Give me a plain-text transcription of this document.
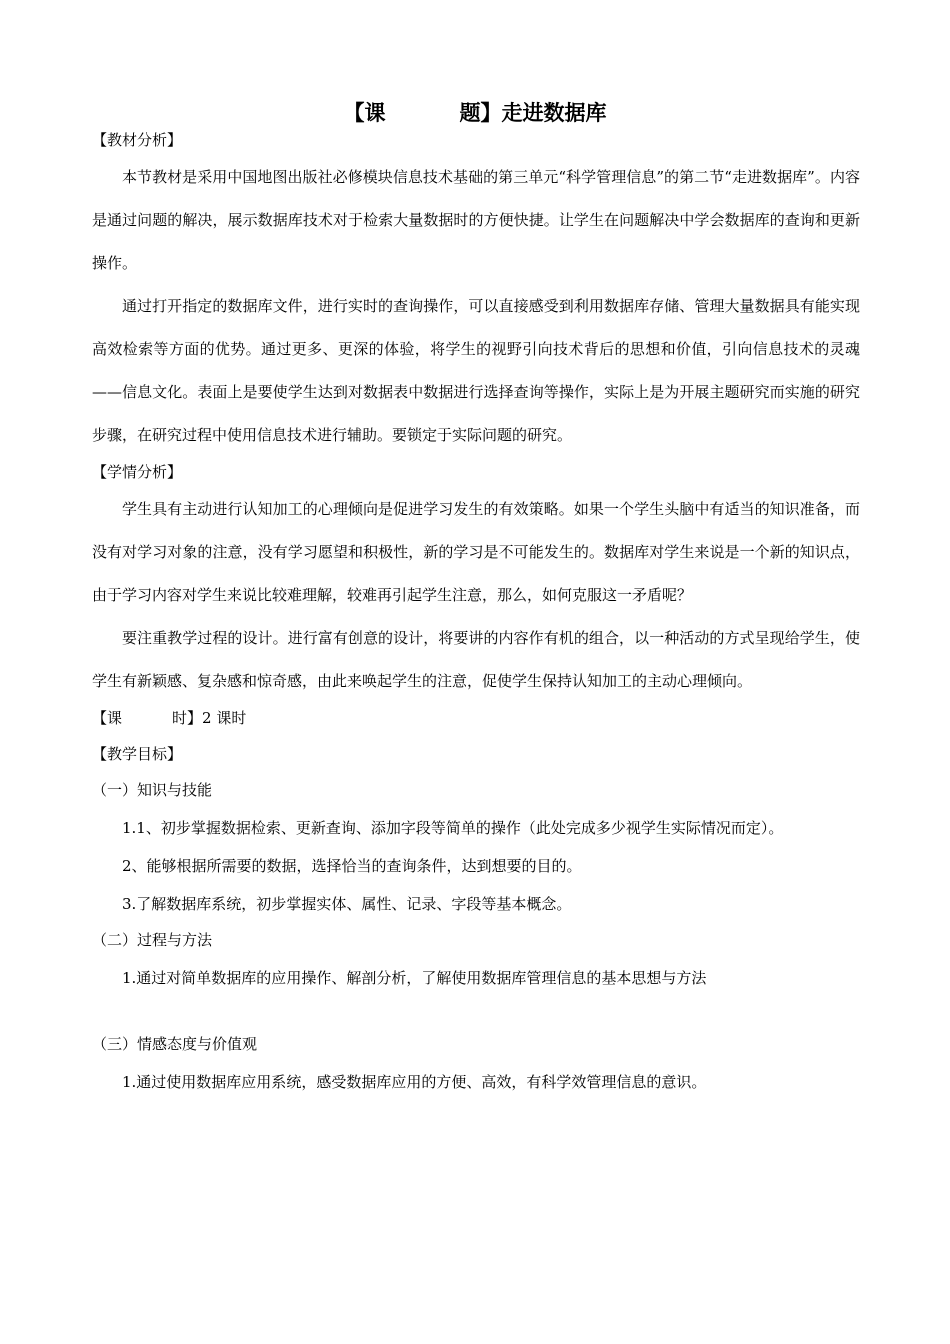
【课	题】走进数据库
【教材分析】

本节教材是采用中国地图出版社必修模块信息技术基础的第三单元“科学管理信息”的第二节“走进数据库”。内容是通过问题的解决，展示数据库技术对于检索大量数据时的方便快捷。让学生在问题解决中学会数据库的查询和更新操作。

通过打开指定的数据库文件，进行实时的查询操作，可以直接感受到利用数据库存储、管理大量数据具有能实现高效检索等方面的优势。通过更多、更深的体验，将学生的视野引向技术背后的思想和价值，引向信息技术的灵魂——信息文化。表面上是要使学生达到对数据表中数据进行选择查询等操作，实际上是为开展主题研究而实施的研究步骤，在研究过程中使用信息技术进行辅助。要锁定于实际问题的研究。

【学情分析】

学生具有主动进行认知加工的心理倾向是促进学习发生的有效策略。如果一个学生头脑中有适当的知识准备，而没有对学习对象的注意，没有学习愿望和积极性，新的学习是不可能发生的。数据库对学生来说是一个新的知识点，由于学习内容对学生来说比较难理解，较难再引起学生注意，那么，如何克服这一矛盾呢？

要注重教学过程的设计。进行富有创意的设计，将要讲的内容作有机的组合，以一种活动的方式呈现给学生，使学生有新颖感、复杂感和惊奇感，由此来唤起学生的注意，促使学生保持认知加工的主动心理倾向。

【课	时】2 课时
【教学目标】
（一）知识与技能
1.1、初步掌握数据检索、更新查询、添加字段等简单的操作（此处完成多少视学生实际情况而定）。
2、能够根据所需要的数据，选择恰当的查询条件，达到想要的目的。
3.了解数据库系统，初步掌握实体、属性、记录、字段等基本概念。
（二）过程与方法
1.通过对简单数据库的应用操作、解剖分析，了解使用数据库管理信息的基本思想与方法
（三）情感态度与价值观
1.通过使用数据库应用系统，感受数据库应用的方便、高效，有科学效管理信息的意识。
